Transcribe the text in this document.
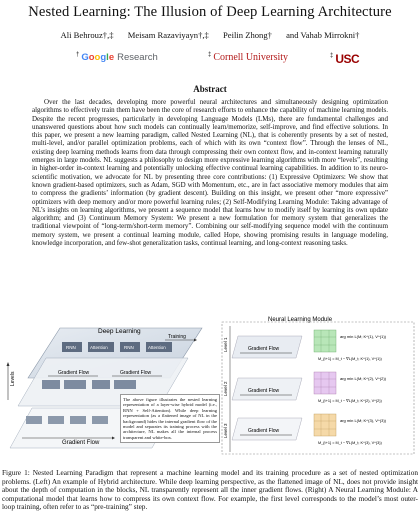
Nested Learning: The Illusion of Deep Learning Architecture
Ali Behrouz†,‡ Meisam Razaviyayn†,‡ Peilin Zhong† and Vahab Mirrokni†
† Google Research	‡ Cornell University	‡ USC
Abstract

Over the last decades, developing more powerful neural architectures and simultaneously designing optimization algorithms to effectively train them have been the core of research efforts to enhance the capability of machine learning models. Despite the recent progresses, particularly in developing Language Models (LMs), there are fundamental challenges and unanswered questions about how such models can continually learn/memorize, self-improve, and find effective solutions. In this paper, we present a new learning paradigm, called Nested Learning (NL), that is coherently presents by a set of nested, multi-level, and/or parallel optimization problems, each of which with its own “context flow”. Through the lenses of NL, existing deep learning methods learns from data through compressing their own context flow, and in-context learning naturally emerges in large models. NL suggests a philosophy to design more expressive learning algorithms with more “levels”, resulting in higher-order in-context learning and potentially unlocking effective continual learning capabilities. In addition to its neuro-scientific motivation, we advocate for NL by presenting three core contributions: (1) Expressive Optimizers: We show that known gradient-based optimizers, such as Adam, SGD with Momentum, etc., are in fact associative memory modules that aim to compress the gradients’ information (by gradient descent). Building on this insight, we present other “more expressive” optimizers with deep memory and/or more powerful learning rules; (2) Self-Modifying Learning Module: Taking advantage of NL’s insights on learning algorithms, we present a sequence model that learns how to modify itself by learning its own update algorithm; and (3) Continuum Memory System: We present a new formulation for memory system that generalizes the traditional viewpoint of “long-term/short-term memory”. Combining our self-modifying sequence model with the continuum memory system, we present a continual learning module, called Hope, showing promising results in language modeling, knowledge incorporation, and few-shot generalization tasks, continual learning, and long-context reasoning tasks.

Deep Learning
Training
RNN	Attention	RNN	Attention
Gradient Flow	Gradient Flow
Gradient Flow
Levels
The above figure illustrates the nested learning representation of a layer-wise hybrid model (i.e., RNN + Self-Attention). While deep learning representation (as a flattened image of NL in the background) hides the internal gradient flow of the model and separates its training process with the architecture, NL makes all the internal process transparent and white-box.
Neural Learning Module
Level 1
Level 2
Level 3
Gradient Flow
arg min L(M; K^(1), V^(1))
M_{t+1} = M_t − ∇L(M_t; K^(1), V^(1))
Gradient Flow
arg min L(M; K^(2), V^(2))
M_{t+1} = M_t − ∇L(M_t; K^(2), V^(2))
Gradient Flow
arg min L(M; K^(3), V^(3))
M_{t+1} = M_t − ∇L(M_t; K^(3), V^(3))

Figure 1: Nested Learning Paradigm that represent a machine learning model and its training procedure as a set of nested optimization problems. (Left) An example of Hybrid architecture. While deep learning perspective, as the flattened image of NL, does not provide insight about the depth of computation in the blocks, NL transparently represent all the inner gradient flows. (Right) A Neural Learning Module: A computational model that learns how to compress its own context flow. For example, the first level corresponds to the model’s most outer-loop training, often refer to as “pre-training” step.
